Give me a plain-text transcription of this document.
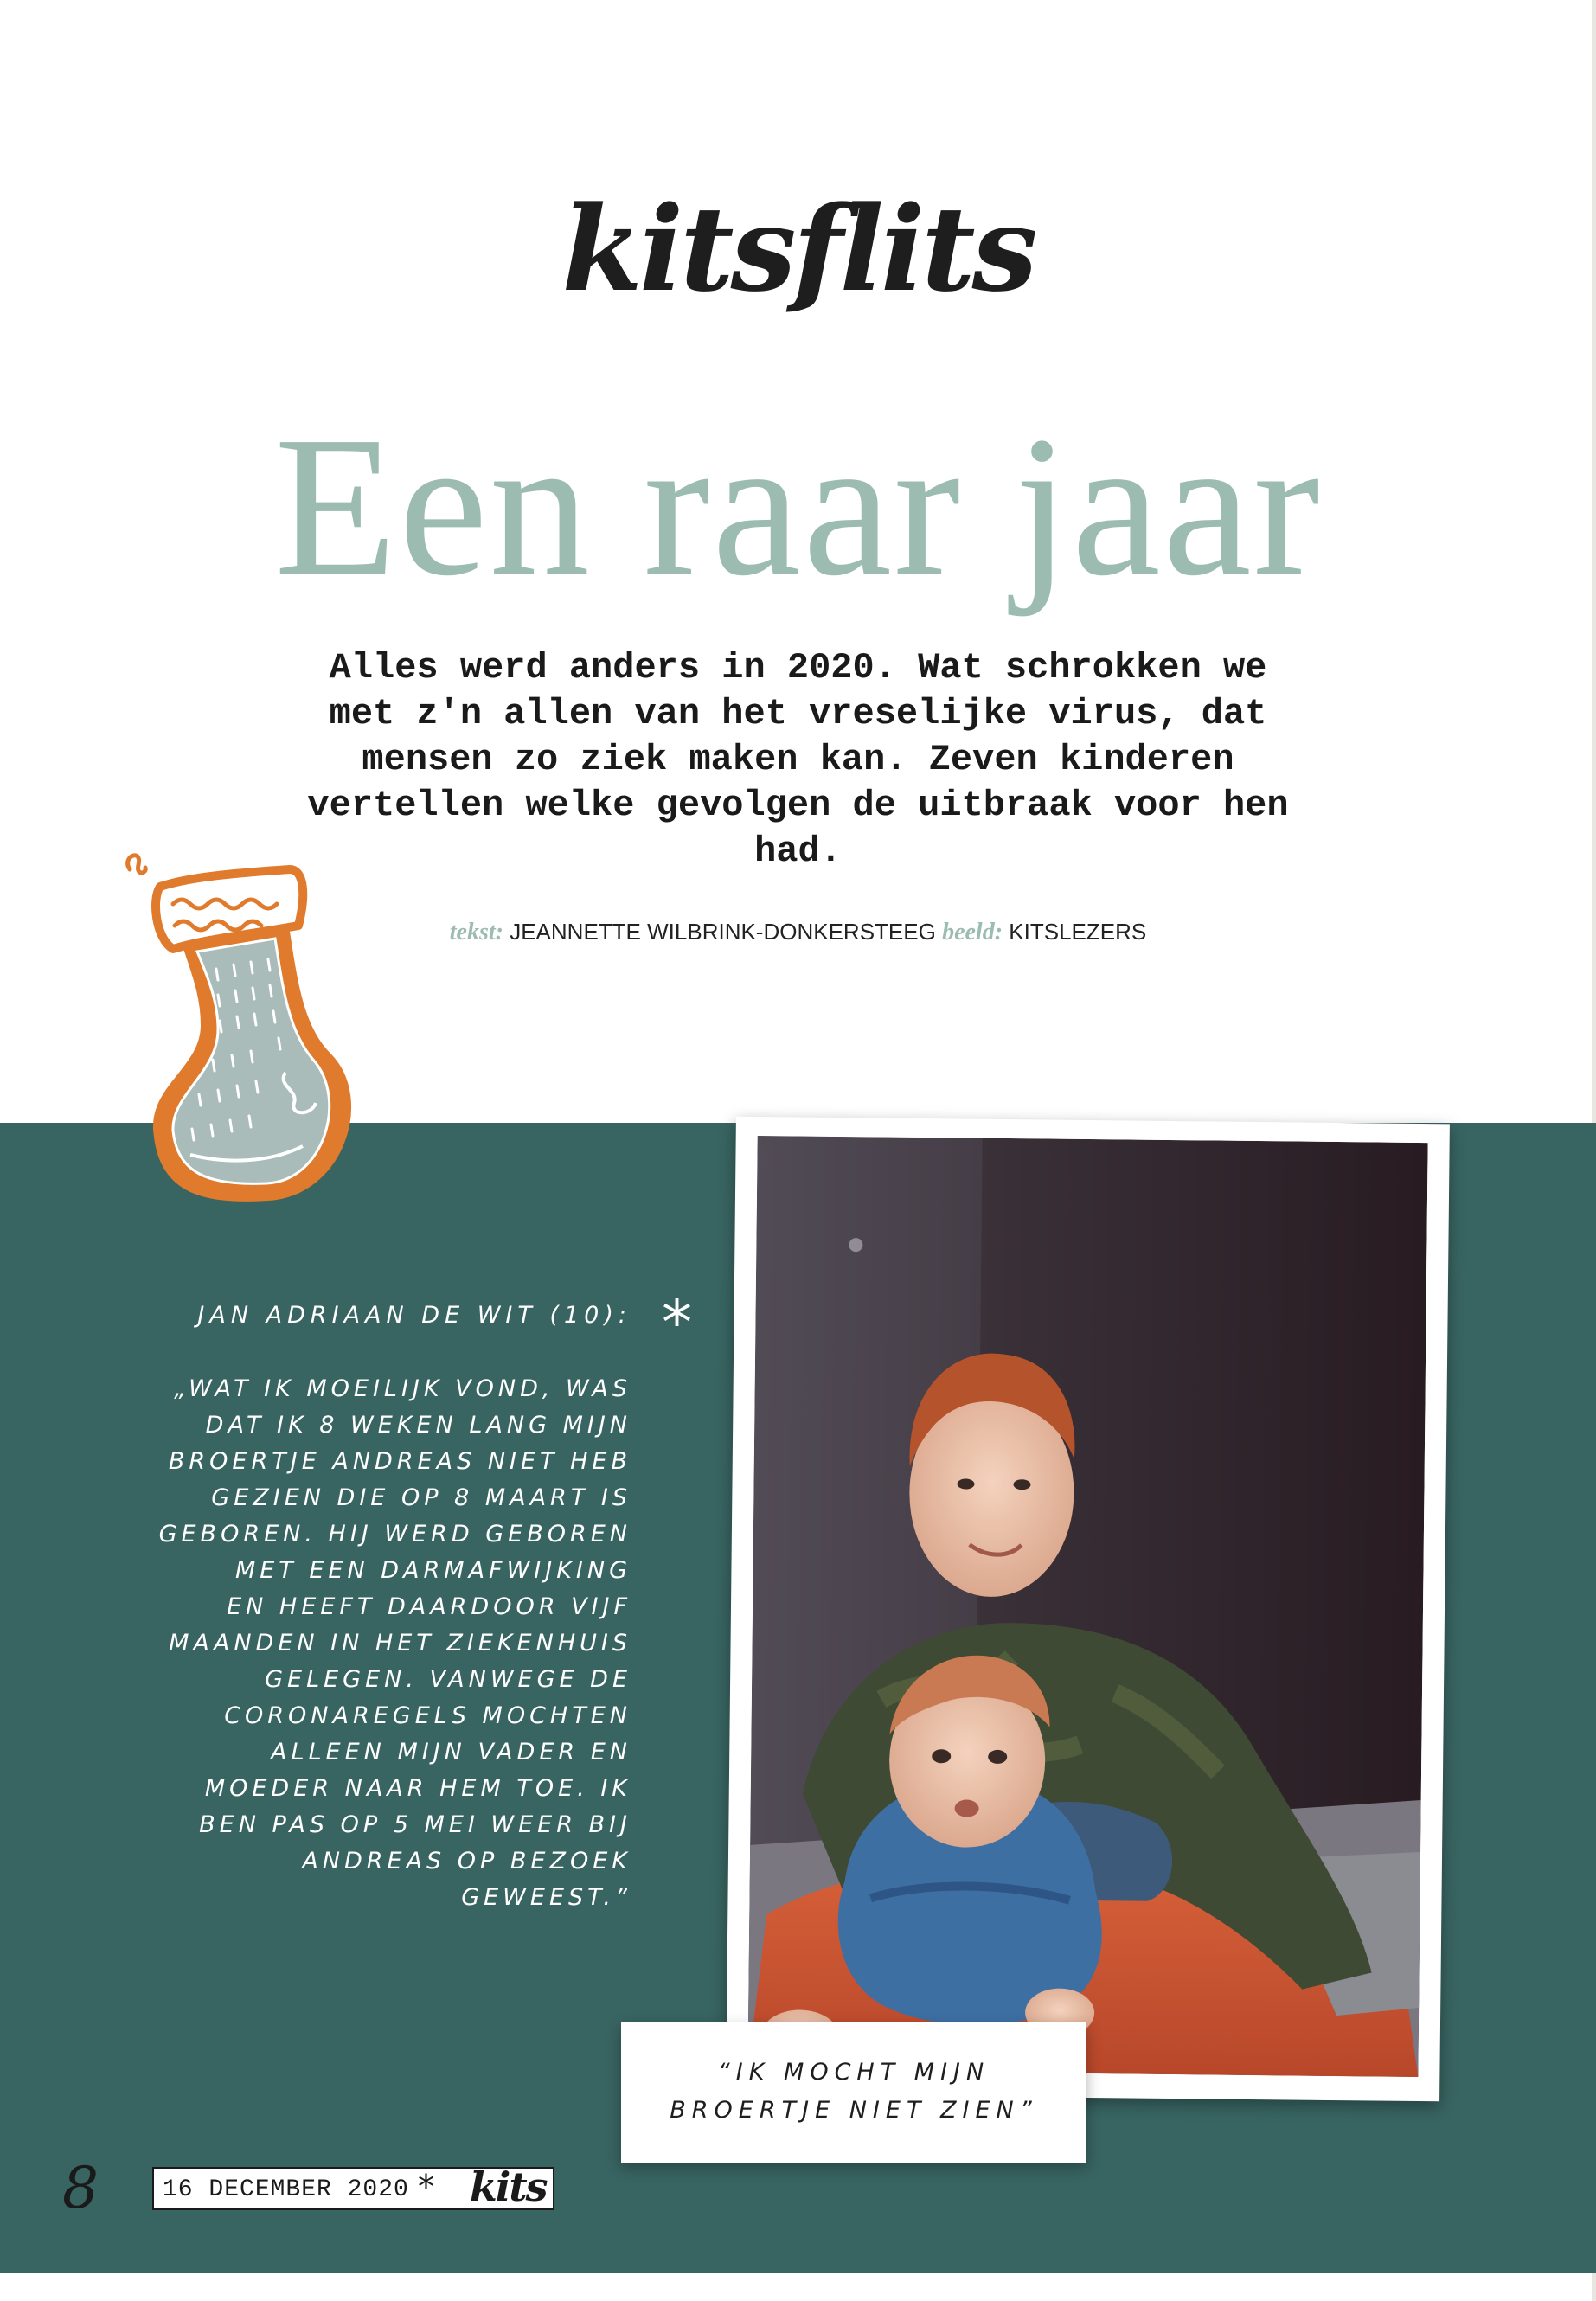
kitsflits
Een raar jaar
Alles werd anders in 2020. Wat schrokken we
met z'n allen van het vreselijke virus, dat
mensen zo ziek maken kan. Zeven kinderen
vertellen welke gevolgen de uitbraak voor hen
had.
tekst: JEANNETTE WILBRINK-DONKERSTEEG beeld: KITSLEZERS
JAN ADRIAAN DE WIT (10): *
„WAT IK MOEILIJK VOND, WAS
DAT IK 8 WEKEN LANG MIJN
BROERTJE ANDREAS NIET HEB
GEZIEN DIE OP 8 MAART IS
GEBOREN. HIJ WERD GEBOREN
MET EEN DARMAFWIJKING
EN HEEFT DAARDOOR VIJF
MAANDEN IN HET ZIEKENHUIS
GELEGEN. VANWEGE DE
CORONAREGELS MOCHTEN
ALLEEN MIJN VADER EN
MOEDER NAAR HEM TOE. IK
BEN PAS OP 5 MEI WEER BIJ
ANDREAS OP BEZOEK GEWEEST.”
“IK MOCHT MIJN
BROERTJE NIET ZIEN”
8	16 DECEMBER 2020 * kits
